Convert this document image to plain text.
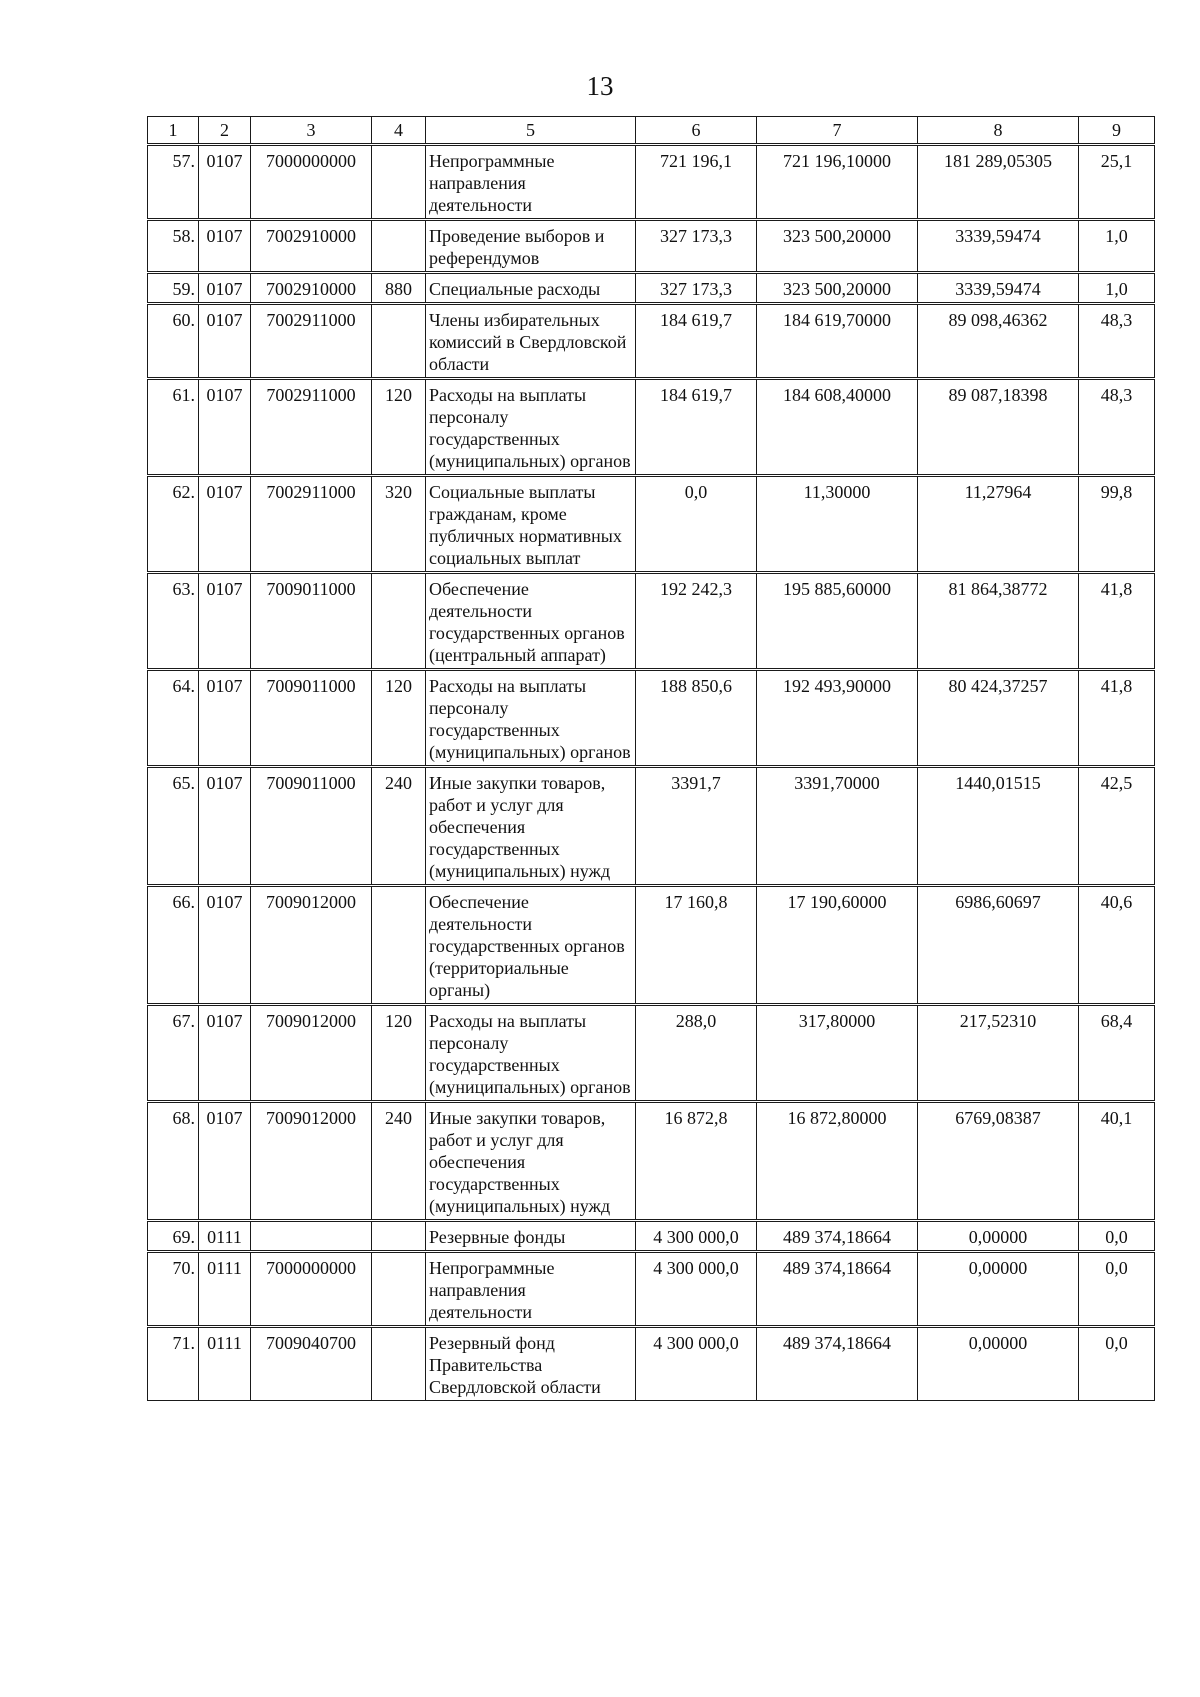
13
1	2	3	4	5	6	7	8	9
57.	0107	7000000000		Непрограммные направления деятельности	721 196,1	721 196,10000	181 289,05305	25,1
58.	0107	7002910000		Проведение выборов и референдумов	327 173,3	323 500,20000	3339,59474	1,0
59.	0107	7002910000	880	Специальные расходы	327 173,3	323 500,20000	3339,59474	1,0
60.	0107	7002911000		Члены избирательных комиссий в Свердловской области	184 619,7	184 619,70000	89 098,46362	48,3
61.	0107	7002911000	120	Расходы на выплаты персоналу государственных (муниципальных) органов	184 619,7	184 608,40000	89 087,18398	48,3
62.	0107	7002911000	320	Социальные выплаты гражданам, кроме публичных нормативных социальных выплат	0,0	11,30000	11,27964	99,8
63.	0107	7009011000		Обеспечение деятельности государственных органов (центральный аппарат)	192 242,3	195 885,60000	81 864,38772	41,8
64.	0107	7009011000	120	Расходы на выплаты персоналу государственных (муниципальных) органов	188 850,6	192 493,90000	80 424,37257	41,8
65.	0107	7009011000	240	Иные закупки товаров, работ и услуг для обеспечения государственных (муниципальных) нужд	3391,7	3391,70000	1440,01515	42,5
66.	0107	7009012000		Обеспечение деятельности государственных органов (территориальные органы)	17 160,8	17 190,60000	6986,60697	40,6
67.	0107	7009012000	120	Расходы на выплаты персоналу государственных (муниципальных) органов	288,0	317,80000	217,52310	68,4
68.	0107	7009012000	240	Иные закупки товаров, работ и услуг для обеспечения государственных (муниципальных) нужд	16 872,8	16 872,80000	6769,08387	40,1
69.	0111			Резервные фонды	4 300 000,0	489 374,18664	0,00000	0,0
70.	0111	7000000000		Непрограммные направления деятельности	4 300 000,0	489 374,18664	0,00000	0,0
71.	0111	7009040700		Резервный фонд Правительства Свердловской области	4 300 000,0	489 374,18664	0,00000	0,0
